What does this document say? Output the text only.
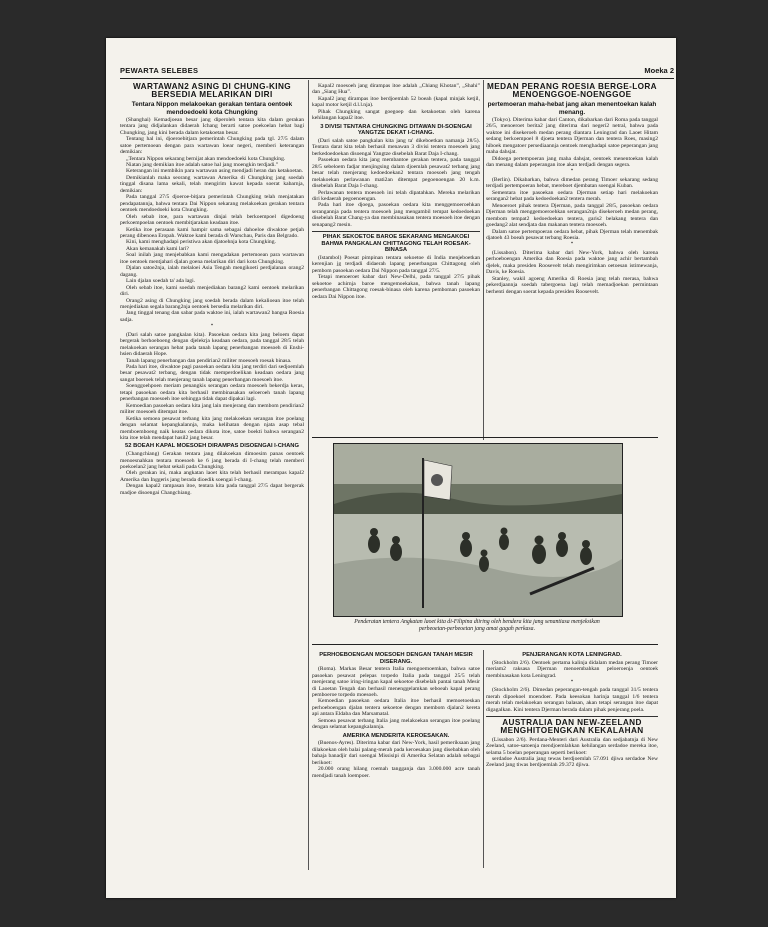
PEWARTA SELEBES	Moeka 2
WARTAWAN2 ASING DI CHUNG-KING BERSEDIA MELARIKAN DIRI
Tentara Nippon melakoekan gerakan tentara oentoek mendoedoeki kota Chungking

(Shanghai) Kemadjoean besar jang diperoleh tentara kita dalam gerakan tentara jang didjalankan didaerah Ichang berarti satoe poekoelan hebat bagi Chungking, jang kini berada dalam ketakoetan besar.

Tentang hal ini, djoeroebitjara pemerintah Chungking pada tgl. 27/5 dalam satoe pertemoean dengan para wartawan loear negeri, memberi keterangan demikian:

„Tentara Nippon sekarang bernijat akan mendoedoeki kota Chungking.

Niatan jang demikian itoe adalah satoe hal jang moengkin terdjadi.”

Keterangan ini membikin para wartawan asing mendjadi heran dan ketakoetan.

Demikianlah maka seorang wartawan Amerika di Chungking jang soedah tinggal disana lama sekali, telah mengirim kawat kepada soerat kabarnja, demikian:

Pada tanggal 27/5 djoeroe-bitjara pemerintah Chungking telah menjatakan pendapatannja, bahwa tentara Dai Nippon sekarang melakoekan gerakan tentara oentoek mendoedoeki kota Chungking.

Oleh sebab itoe, para wartawan dinjai telah berkoempoel digedoeng perkoempoelan oentoek membitjarakan keadaan itoe.

Ketika itoe perasaan kami hampir sama sebagai dahoeloe diwaktoe petjah perang dibenoea Eropah. Waktoe kami berada di Warschau, Paris dan Belgrado.

Kini, kami menghadapi peristiwa akan djatoehnja kota Chungking.

Akan kemanakah kami lari?

Soal inilah jang menjebabkan kami mengadakan pertemoean para wartawan itoe oentoek mentjahari djalan goena melarikan diri dari kota Chungking.

Djalan satoe2nja, ialah melaloei Asia Tengah mengikoeti perdjalanan orang2 dagang.

Lain djalan soedah ta' ada lagi.

Oleh sebab itoe, kami soedah menjediakan barang2 kami oentoek melarikan diri.

Orang2 asing di Chungking jang soedah berada dalam kekalioean itoe telah menjediakan segala barang2nja oentoek bersedia melarikan diri.

Jang tinggal tenang dan sabar pada waktoe ini, ialah wartawan2 bangsa Roesia sadja.

*

(Dari salah satoe pangkalan kita). Pasoekan oedara kita jang beloem dapat bergerak berhoeboeng dengan djelekrja keadaan oedara, pada tanggal 28/5 telah melakoekan serangan hebat pada tanah lapang penerbangan moesoeh di Enshi-hsien didaerah Hope.

Tanah lapang penerbangan dan pendirian2 militer moesoeh roesak binasa.

Pada hari itoe, diwaktoe pagi pasoekan oedara kita jang terdiri dari sedjoemlah besar pesawat2 terbang, dengan tidak memperdoelikan keadaan oedara jang sangat boeroek telah menjerang tanah lapang penerbangan moesoeh itoe.

Soenggoehpoen meriam penangkis serangan oedara moesoeh bekerdja keras, tetapi pasoekan oedara kita berhasil membinasakan seloeroeh tanah lapang penerbangan moesoeh itoe sehingga tidak dapat dipakai lagi.

Kemoedian pasoekan oedara kita jang lain menjerang dan membom pendirian2 militer moesoeh ditempat itoe.

Ketika semoea pesawat terbang kita jang melakoekan serangan itoe poelang dengan selamat kepangkalannja, maka kelihatan dengan njata asap tebal memboemboeng naik keatas oedara dikota itoe, satoe boekti bahwa serangan2 kita itoe telah mendapat hasil2 jang besar.

52 BOEAH KAPAL MOESOEH DIRAMPAS DISOENGAI I-CHANG

(Changchiang) Gerakan tentara jang dilakoekan dimoesim panas oentoek menoesnahkan tentara moesoeh ke 6 jang berada di I-chang telah memberi poekoelan2 jang hebat sekali pada Chungking.

Oleh gerakan ini, maka angkatan laoet kita telah berhasil merampas kapal2 Amerika dan Inggeris jang berada dioedik soengai I-chang.

Dengan kapal2 rampasan itoe, tentara kita pada tanggal 27/5 dapat bergerak madjoe disoengai Changchiang.

Kapal2 moesoeh jang dirampas itoe adalah „Chiang Khotan”, „Shahi” dan „Siang Hua”.

Kapal2 jang dirampas itoe berdjoemlah 52 boeah (kapal minjak ketjil, kapal motor ketjil d.l.l.nja).

Pihak Chungking sangat goegoep dan ketakoetan oleh karena kehilangan kapal2 itoe.

3 DIVISI TENTARA CHUNGKING DITAWAN DI-SOENGAI YANGTZE DEKAT I-CHANG.

(Dari salah satoe pangkalan kita jang ta' dikeboetkan namanja 28/5). Tentara darat kita telah berhasil menawan 3 divisi tentera moesoeh jang berkedoedoekan disoengai Yangtze disebelah Barat Daja I-chang.

Pasoekan oedara kita jang membantoe gerakan tentera, pada tanggal 28/5 sebeloem fadjar menjingsing dalam djoemlah pesawat2 terbang jang besar telah menjerang kedoedoekan2 tentara moesoeh jang tengah melakoekan perlawanan mati2an ditempat pegoenoengan 20 k.m. disebelah Barat Daja I-chang.

Perlawanan tentera moesoeh ini telah dipatahkan. Mereka melarikan diri kedaerah pegoenoengan.

Pada hari itoe djoega, pasoekan oedara kita menggemoeroehkan serangannja pada tentera moesoeh jang mengambil tempat kedoedoekan disebelah Barat Chang-ya dan membinasakan tentera moesoeh itoe dengan senapang2 mesin.

PIHAK SEKOETOE BAROE SEKARANG MENGAKOEI BAHWA PANGKALAN CHITTAGONG TELAH ROESAK-BINASA

(Istambol) Poesat pimpinan tentara sekoetoe di India menjeboetkan kerenjian jg terdjadi didaerah lapang penerbangan Chittagong oleh pembom pasoekan oedara Dai Nippon pada tanggal 27/5.

Tetapi menoeroet kabar dari New-Delhi, pada tanggal 27/5 pihak sekoetoe achirnja baroe mengemoekakan, bahwa tanah lapang penerbangan Chittagong roesak-binasa oleh karena pemboman pasoekan oedara Dai Nippon itoe.

MEDAN PERANG ROESIA BERGE-LORA MENOENGGOE-NOENGGOE
pertemoeran maha-hebat jang akan menentoekan kalah menang.

(Tokyo). Diterima kabar dari Canton, dikabarkan dari Roma pada tanggal 26/5, menoeroet berita2 jang diterima dari negeri2 netral, bahwa pada waktoe ini disekeroeh medan perang diantara Leningrad dan Laoet Hitam sedang berkoempoel 8 djoeta tentera Djerman dan tentera Roes, masing2 hiboek mengatoer persediaannja oentoek menghadapi satoe peperangan jang maha dahsjat.

Didoega pertempoeran jang maha dahsjat, oentoek menentoekan kalah dan menang dalam peperangan itoe akan terdjadi dengan segera.

*

(Berlin). Dikabarkan, bahwa dimedan perang Timoer sekarang sedang terdjadi pertempoeran hebat, mereboet djembatan soengai Kuban.

Sementara itoe pasoekan oedara Djerman setiap hari melakoekan serangan2 hebat pada kedoedoekan2 tentera merah.

Menoeroet pihak tentera Djerman, pada tanggal 28/5, pasoekan oedara Djerman telah menggemoeroehkan serangan2nja disekeroeh medan perang, membom tempat2 kedoedoekan tentera, garis2 belakang tentera dan goedang2 alat sendjata dan makanan tentera moesoeh.

Dalam satoe pertempoeran oedara hebat, pihak Djerman telah menembak djatoeh 43 boeah pesawat terbang Roesia.

*

(Lissabon). Diterima kabar dari New-York, bahwa oleh karena perhoeboengan Amerika dan Roesia pada waktoe jang achir bertambah djelek, maka presiden Roosevelt telah mengirimkan oetoesan istimewanja, Davis, ke Roesia.

Stanley, wakil agoeng Amerika di Roesia jang telah merasa, bahwa pekerdjaannja soedah tabergoena lagi telah memadjoekan permintaan berhenti dengan soerat kepada presiden Roosevelt.

Penderatan tentera Angkatan laoet kita di-Filipina diiring oleh bendera kita jang senantiasa menjeksikan perbeoetan-perbeoetan jang amat gagah perkasa.
PERHOEBOENGAN MOESOEH DENGAN TANAH MESIR DISERANG.

(Roma). Markas Besar tentera Italia mengoemoemkan, bahwa satoe pasoekan pesawat pelepas torpedo Italia pada tanggal 25/5 telah menjerang satoe iring-iringan kapal sekoetoe disebelah pantai tanah Mesir di Laoetan Tengah dan berhasil menenggelamkan seboeah kapal perang pemboeroe torpedo moesoeh.

Kemoedian pasoekan oedara Italia itoe berhasil memoetoeskan perhoeboengan djalan tentera sekoetoe dengan membom djalan2 kereta api antara Eldaba dan Marsamatal.

Semoea pesawat terbang Italia jang melakoekan serangan itoe poelang dengan selamat kepangkalannja.

AMERIKA MENDERITA KEROESAKAN.

(Buenos-Ayres). Diterima kabar dari New-York, hasil pemeriksaan jang dilakoekan oleh balai palang-merah pada keroesakan jang disebabkan oleh bahaja banadjir dari soengai Missisipi di Amerika Selatan adalah sebagai berikoet:

20.000 orang hilang roemah tangganja dan 3.000.000 acre tanah mendjadi tanah loempoer.

PENJERANGAN KOTA LENINGRAD.

(Stockholm 2/6). Oentoek pertama kalinja didalam medan perang Timoer meriam2 raksasa Djerman menoembahkan peloeroenja oentoek membinasakan kota Leningrad.

*

(Stockholm 2/6). Dimedan peperangan-tengah pada tanggal 31/5 tentera merah dipoekoel moendoer. Pada keesokan harinja tanggal 1/6 tentera merah telah melakoekan serangan balasan, akan tetapi serangan itoe dapat digagalkan. Kini tentera Djerman berada dalam pihak penjerang poela.

AUSTRALIA DAN NEW-ZEELAND MENGHITOENGKAN KEKALAHAN

(Lissabon 2/6). Perdana-Menteri dari Australia dan sedjabatnja di New Zeeland, satoe-satoenja mendjoemlahkan kehilangan serdadoe mereka itoe, selama 5 boelan peperangan seperti berikoet:

serdadoe Australia jang tewas berdjoemlah 57.091 djiwa serdadoe New Zeeland jang tiwas berdjoemlah 29.372 djiwa.
